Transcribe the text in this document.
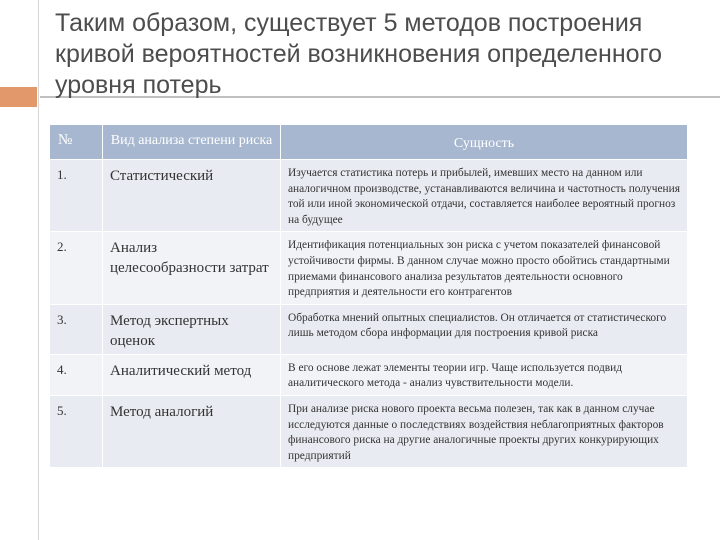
Таким образом, существует 5 методов построения
кривой вероятностей возникновения определенного
уровня потерь
№	Вид анализа степени риска	Сущность
1.	Статистический	Изучается статистика потерь и прибылей, имевших место на данном или аналогичном производстве, устанавливаются величина и частотность получения той или иной экономической отдачи, составляется наиболее вероятный прогноз на будущее
2.	Анализ целесообразности затрат	Идентификация потенциальных зон риска с учетом показателей финансовой устойчивости фирмы. В данном случае можно просто обойтись стандартными приемами финансового анализа результатов деятельности основного предприятия и деятельности его контрагентов
3.	Метод экспертных оценок	Обработка мнений опытных специалистов. Он отличается от статистического лишь методом сбора информации для построения кривой риска
4.	Аналитический метод	В его основе лежат элементы теории игр. Чаще используется подвид аналитического метода - анализ чувствительности модели.
5.	Метод аналогий	При анализе риска нового проекта весьма полезен, так как в данном случае исследуются данные о последствиях воздействия неблагоприятных факторов финансового риска на другие аналогичные проекты других конкурирующих предприятий
